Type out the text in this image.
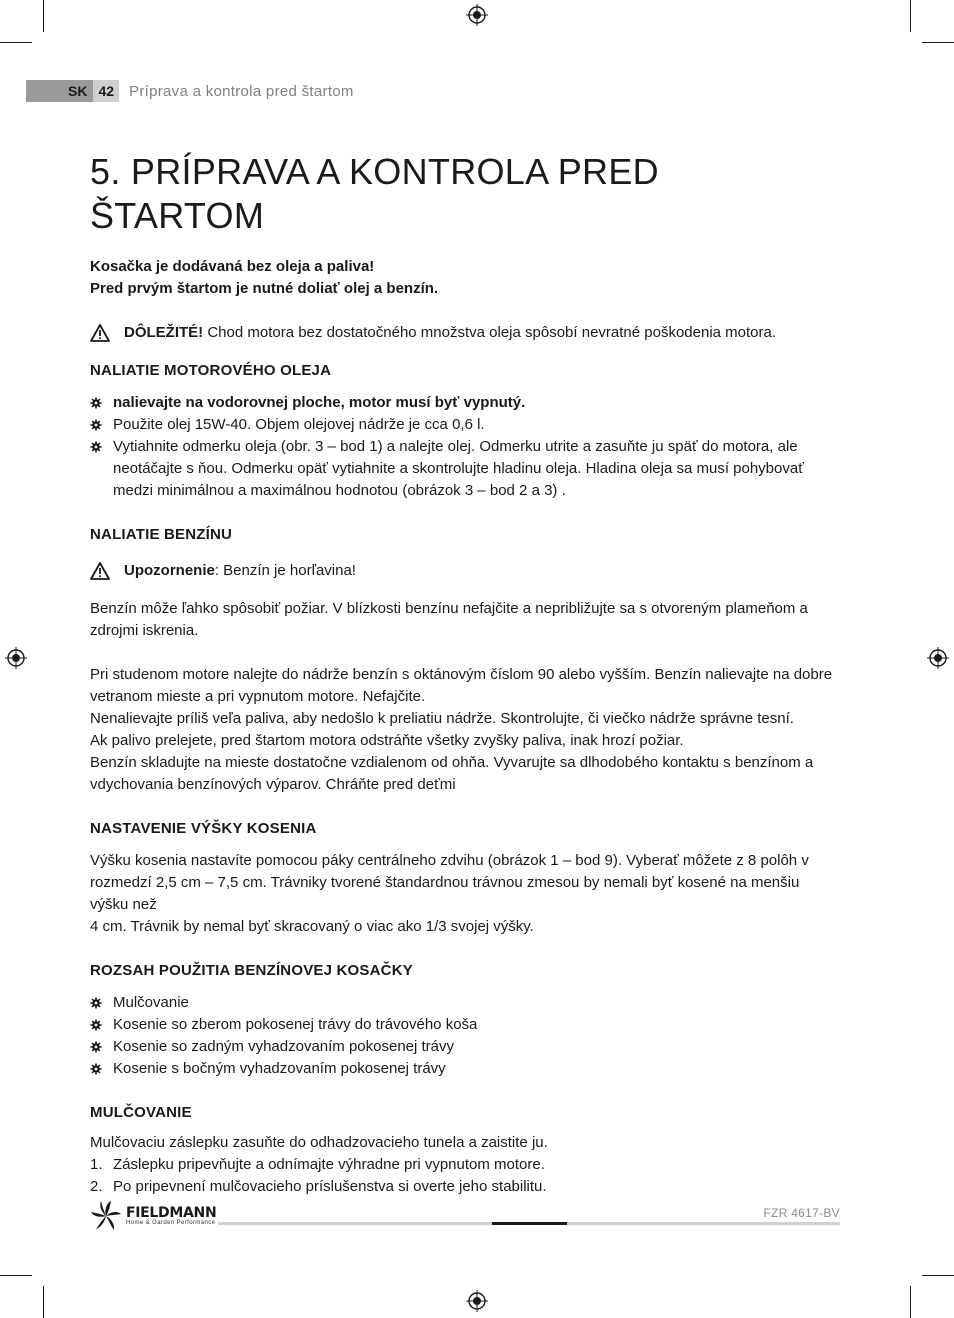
SK 42	Príprava a kontrola pred štartom
5. PRÍPRAVA A KONTROLA PRED ŠTARTOM

Kosačka je dodávaná bez oleja a paliva!

Pred prvým štartom je nutné doliať olej a benzín.

DÔLEŽITÉ! Chod motora bez dostatočného množstva oleja spôsobí nevratné poškodenia motora.
NALIATIE MOTOROVÉHO OLEJA
nalievajte na vodorovnej ploche, motor musí byť vypnutý.
Použite olej 15W-40. Objem olejovej nádrže je cca 0,6 l.
Vytiahnite odmerku oleja (obr. 3 – bod 1) a nalejte olej. Odmerku utrite a zasuňte ju späť do motora, ale neotáčajte s ňou. Odmerku opäť vytiahnite a skontrolujte hladinu oleja. Hladina oleja sa musí pohybovať medzi minimálnou a maximálnou hodnotou (obrázok 3 – bod 2 a 3) .
NALIATIE BENZÍNU
Upozornenie: Benzín je horľavina!

Benzín môže ľahko spôsobiť požiar. V blízkosti benzínu nefajčite a nepribližujte sa s otvoreným plameňom a zdrojmi iskrenia.

Pri studenom motore nalejte do nádrže benzín s oktánovým číslom 90 alebo vyšším. Benzín nalievajte na dobre vetranom mieste a pri vypnutom motore. Nefajčite.

Nenalievajte príliš veľa paliva, aby nedošlo k preliatiu nádrže. Skontrolujte, či viečko nádrže správne tesní.

Ak palivo prelejete, pred štartom motora odstráňte všetky zvyšky paliva, inak hrozí požiar.

Benzín skladujte na mieste dostatočne vzdialenom od ohňa. Vyvarujte sa dlhodobého kontaktu s benzínom a vdychovania benzínových výparov. Chráňte pred deťmi

NASTAVENIE VÝŠKY KOSENIA

Výšku kosenia nastavíte pomocou páky centrálneho zdvihu (obrázok 1 – bod 9). Vyberať môžete z 8 polôh v rozmedzí 2,5 cm – 7,5 cm. Trávniky tvorené štandardnou trávnou zmesou by nemali byť kosené na menšiu výšku než

4 cm. Trávnik by nemal byť skracovaný o viac ako 1/3 svojej výšky.

ROZSAH POUŽITIA BENZÍNOVEJ KOSAČKY
Mulčovanie
Kosenie so zberom pokosenej trávy do trávového koša
Kosenie so zadným vyhadzovaním pokosenej trávy
Kosenie s bočným vyhadzovaním pokosenej trávy
MULČOVANIE

Mulčovaciu záslepku zasuňte do odhadzovacieho tunela a zaistite ju.

1. Záslepku pripevňujte a odnímajte výhradne pri vypnutom motore.
2. Po pripevnení mulčovacieho príslušenstva si overte jeho stabilitu.
FIELDMANN
Home & Garden Performance
FZR 4617-BV
